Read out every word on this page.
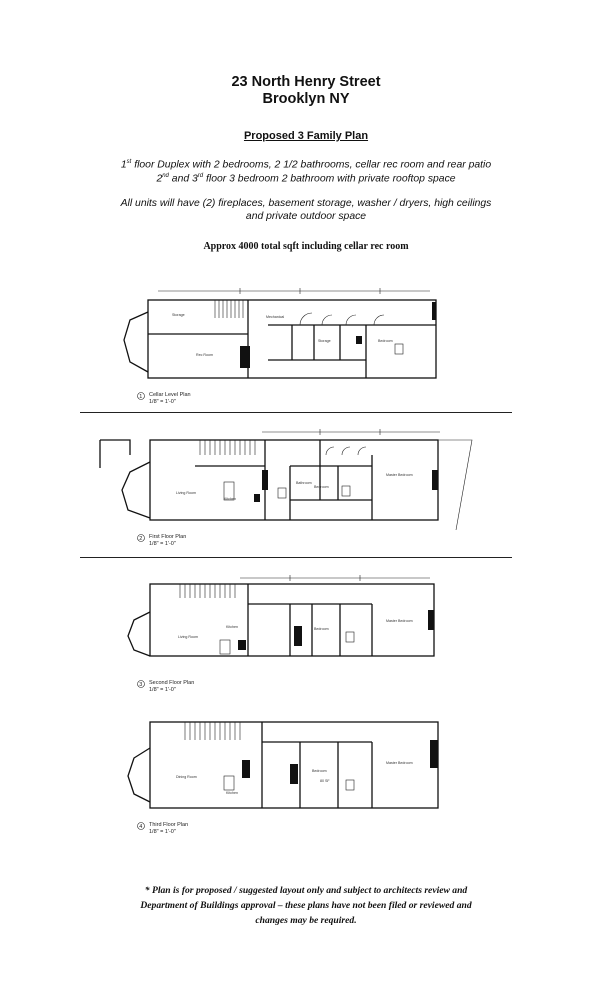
23 North Henry Street
Brooklyn NY
Proposed 3 Family Plan
1st floor Duplex with 2 bedrooms, 2 1/2 bathrooms, cellar rec room and rear patio
2nd and 3rd floor 3 bedroom 2 bathroom with private rooftop space
All units will have (2) fireplaces, basement storage, washer / dryers, high ceilings
and private outdoor space
Approx 4000 total sqft including cellar rec room
Rec Room
Storage	Mechanical
Storage	Bedroom
1 Cellar Level Plan
1/8" = 1'-0"
Living Room
Kitchen
Bathroom
Bedroom
Master Bedroom
2 First Floor Plan
1/8" = 1'-0"
Living Room
Kitchen	Bedroom
Master Bedroom
3 Second Floor Plan
1/8" = 1'-0"
Dining Room
Kitchen
Bedroom
80 SF
Master Bedroom
4 Third Floor Plan
1/8" = 1'-0"
* Plan is for proposed / suggested layout only and subject to architects review and
Department of Buildings approval – these plans have not been filed or reviewed and
changes may be required.
